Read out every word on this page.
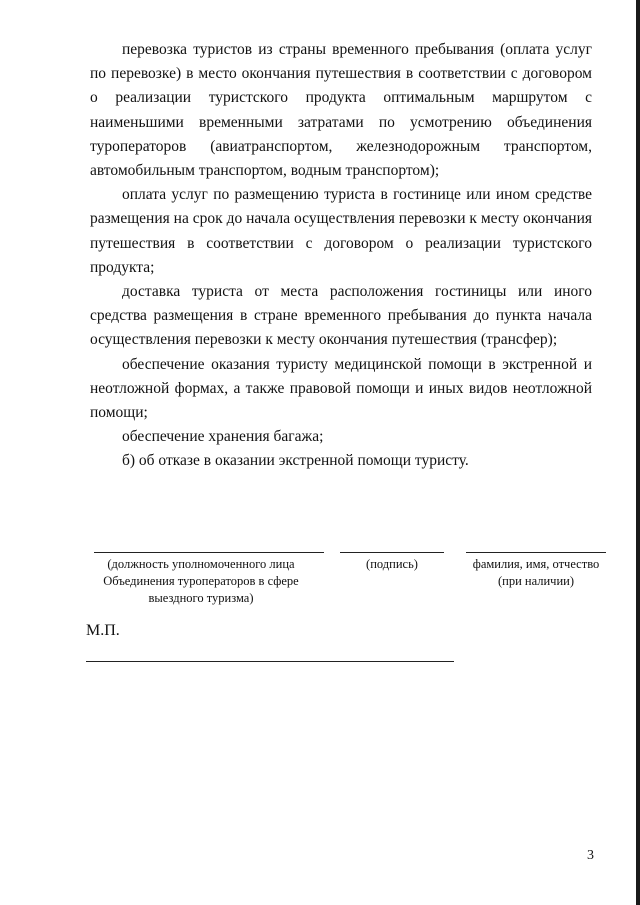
перевозка туристов из страны временного пребывания (оплата услуг по перевозке) в место окончания путешествия в соответствии с договором о реализации туристского продукта оптимальным маршрутом с наименьшими временными затратами по усмотрению объединения туроператоров (авиатранспортом, железнодорожным транспортом, автомобильным транспортом, водным транспортом);

оплата услуг по размещению туриста в гостинице или ином средстве размещения на срок до начала осуществления перевозки к месту окончания путешествия в соответствии с договором о реализации туристского продукта;

доставка туриста от места расположения гостиницы или иного средства размещения в стране временного пребывания до пункта начала осуществления перевозки к месту окончания путешествия (трансфер);

обеспечение оказания туристу медицинской помощи в экстренной и неотложной формах, а также правовой помощи и иных видов неотложной помощи;

обеспечение хранения багажа;

б) об отказе в оказании экстренной помощи туристу.

(должность уполномоченного лица Объединения туроператоров в сфере выездного туризма)
(подпись)	фамилия, имя, отчество (при наличии)
М.П.
3
